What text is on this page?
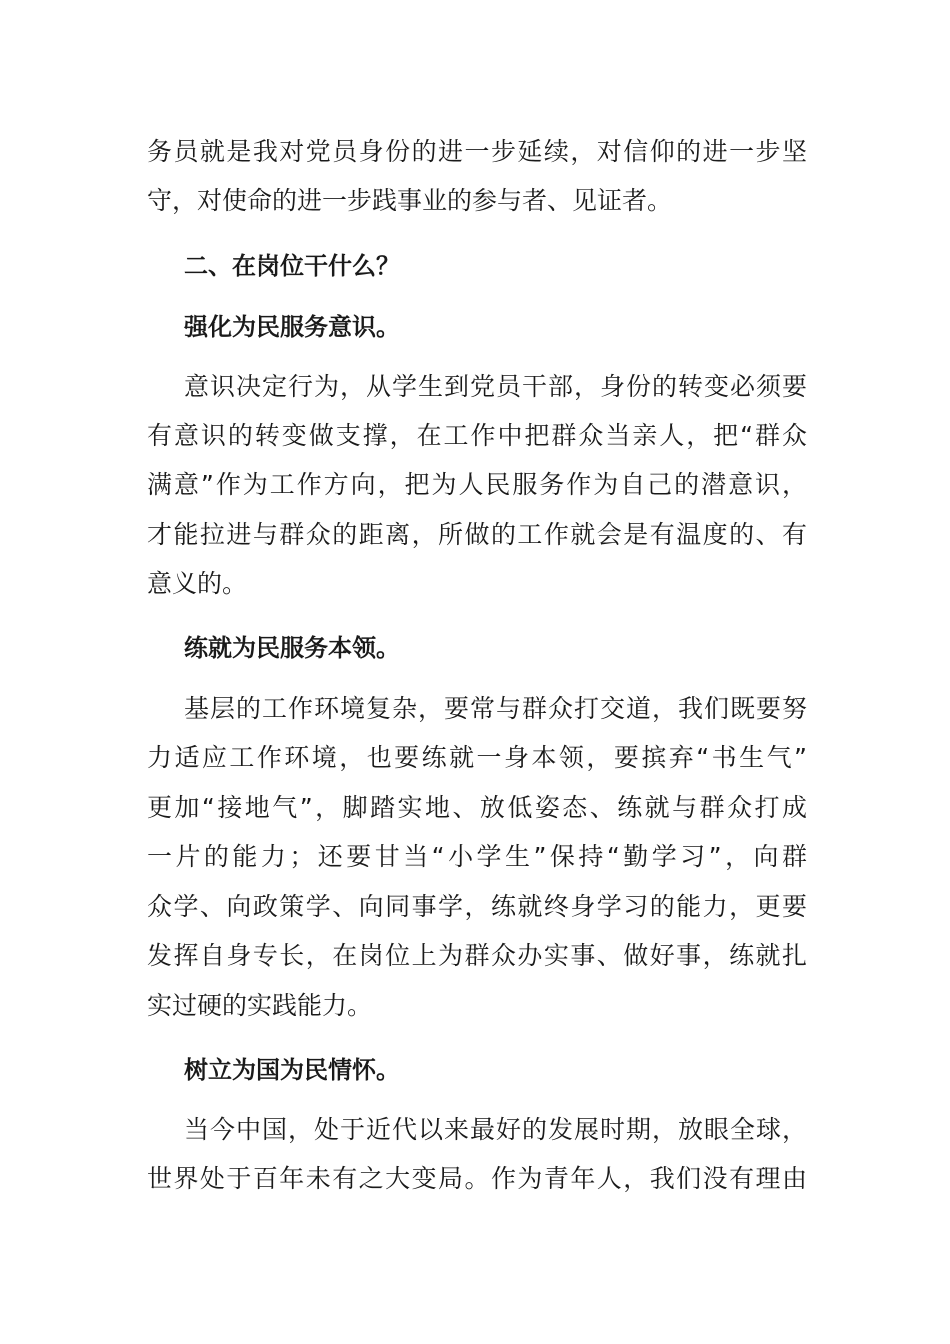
务员就是我对党员身份的进一步延续，对信仰的进一步坚
守，对使命的进一步践事业的参与者、见证者。
二、在岗位干什么？
强化为民服务意识。
意识决定行为，从学生到党员干部，身份的转变必须要
有意识的转变做支撑，在工作中把群众当亲人，把“群众
满意”作为工作方向，把为人民服务作为自己的潜意识，
才能拉进与群众的距离，所做的工作就会是有温度的、有
意义的。
练就为民服务本领。
基层的工作环境复杂，要常与群众打交道，我们既要努
力适应工作环境，也要练就一身本领，要摈弃“书生气”
更加“接地气”，脚踏实地、放低姿态、练就与群众打成
一片的能力；还要甘当“小学生”保持“勤学习”，向群
众学、向政策学、向同事学，练就终身学习的能力，更要
发挥自身专长，在岗位上为群众办实事、做好事，练就扎
实过硬的实践能力。
树立为国为民情怀。
当今中国，处于近代以来最好的发展时期，放眼全球，
世界处于百年未有之大变局。作为青年人，我们没有理由
